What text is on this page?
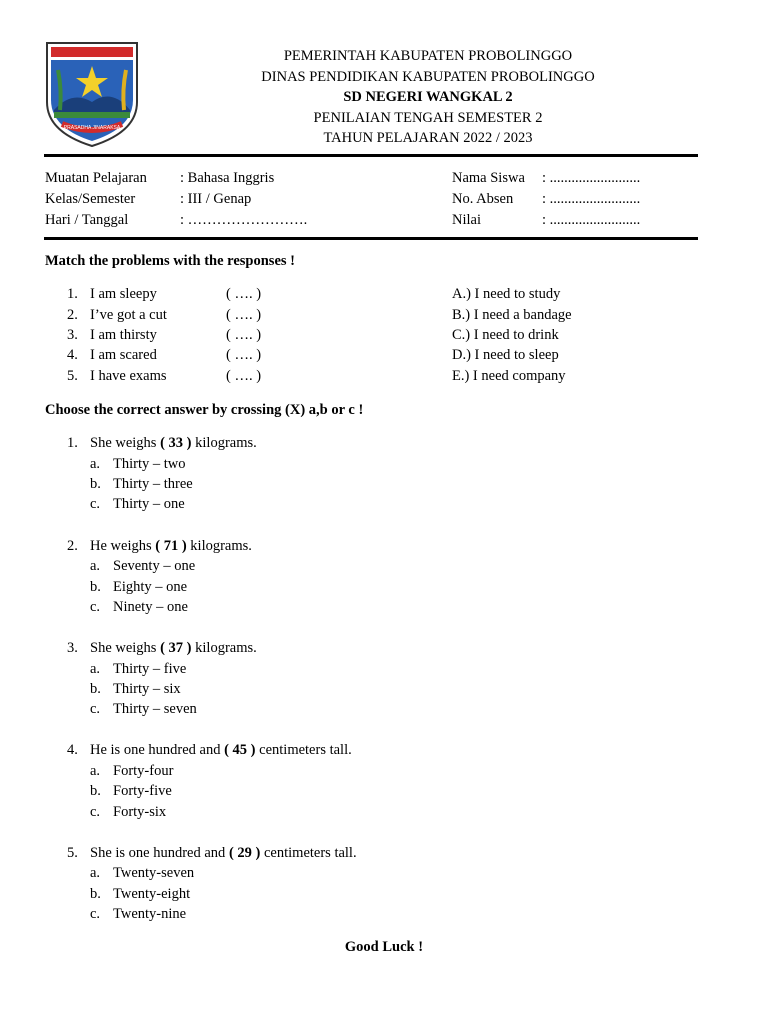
PRASADHA JINARAKSA
PEMERINTAH KABUPATEN PROBOLINGGO
DINAS PENDIDIKAN KABUPATEN PROBOLINGGO
SD NEGERI WANGKAL 2
PENILAIAN TENGAH SEMESTER 2
TAHUN PELAJARAN 2022 / 2023
Muatan Pelajaran : Bahasa Inggris	Nama Siswa : .........................
Kelas/Semester	: III / Genap	No. Absen : .........................
Hari / Tanggal	: …………………….	Nilai	: .........................
Match the problems with the responses !
1. I am sleepy	( …. )	A.) I need to study
2. I’ve got a cut	( …. )	B.) I need a bandage
3. I am thirsty	( …. )	C.) I need to drink
4. I am scared	( …. )	D.) I need to sleep
5. I have exams	( …. )	E.) I need company
Choose the correct answer by crossing (X) a,b or c !
1. She weighs ( 33 ) kilograms.
a. Thirty – two
b. Thirty – three
c. Thirty – one
2. He weighs ( 71 ) kilograms.
a. Seventy – one
b. Eighty – one
c. Ninety – one
3. She weighs ( 37 ) kilograms.
a. Thirty – five
b. Thirty – six
c. Thirty – seven
4. He is one hundred and ( 45 ) centimeters tall.
a. Forty-four
b. Forty-five
c. Forty-six
5. She is one hundred and ( 29 ) centimeters tall.
a. Twenty-seven
b. Twenty-eight
c. Twenty-nine
Good Luck !
